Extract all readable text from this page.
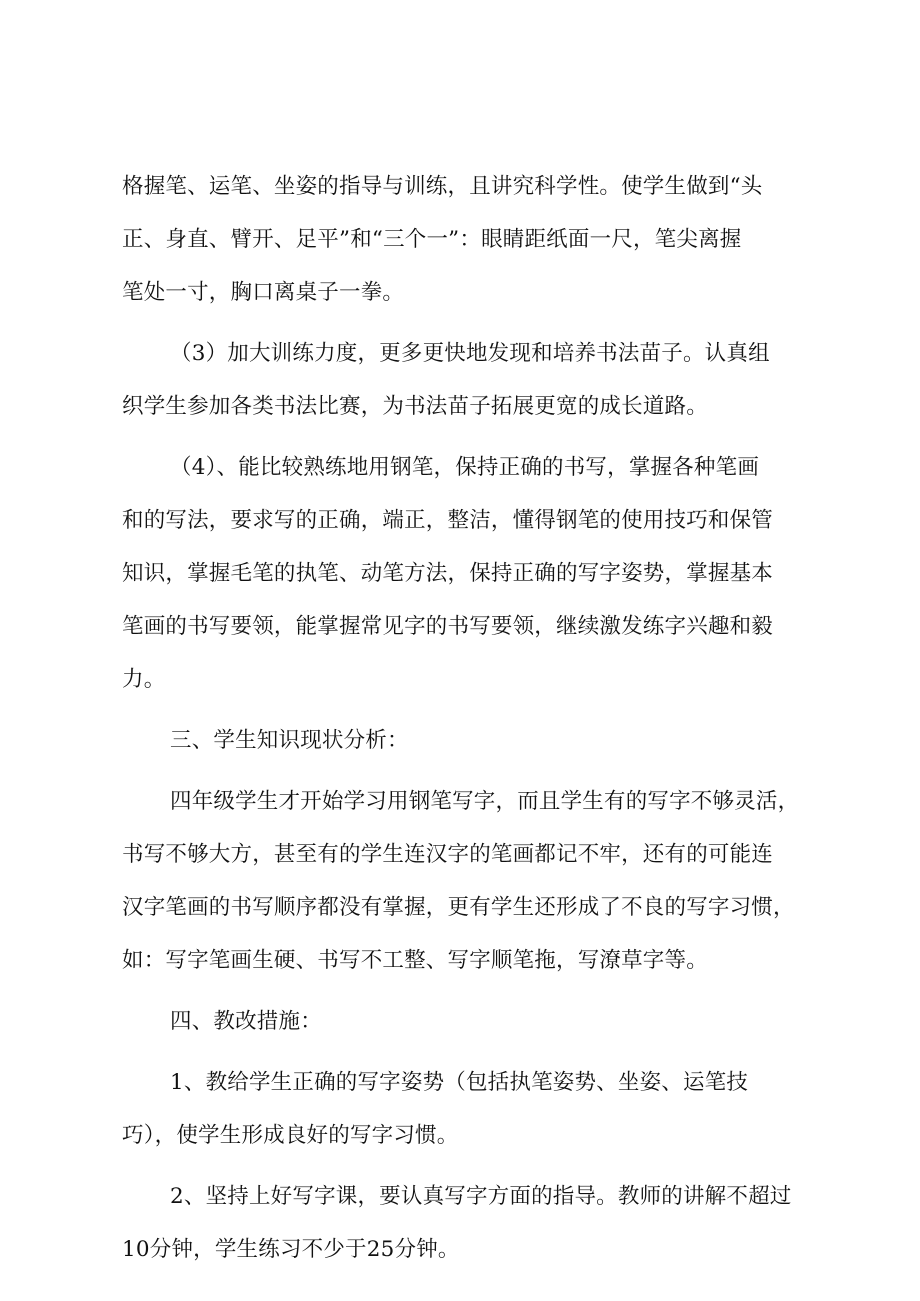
格握笔、运笔、坐姿的指导与训练，且讲究科学性。使学生做到“头
正、身直、臂开、足平”和“三个一”：眼睛距纸面一尺，笔尖离握
笔处一寸，胸口离桌子一拳。
（3）加大训练力度，更多更快地发现和培养书法苗子。认真组
织学生参加各类书法比赛，为书法苗子拓展更宽的成长道路。
（4）、能比较熟练地用钢笔，保持正确的书写，掌握各种笔画
和的写法，要求写的正确，端正，整洁，懂得钢笔的使用技巧和保管
知识，掌握毛笔的执笔、动笔方法，保持正确的写字姿势，掌握基本
笔画的书写要领，能掌握常见字的书写要领，继续激发练字兴趣和毅
力。
三、学生知识现状分析：
四年级学生才开始学习用钢笔写字，而且学生有的写字不够灵活，
书写不够大方，甚至有的学生连汉字的笔画都记不牢，还有的可能连
汉字笔画的书写顺序都没有掌握，更有学生还形成了不良的写字习惯，
如：写字笔画生硬、书写不工整、写字顺笔拖，写潦草字等。
四、教改措施：
1、教给学生正确的写字姿势（包括执笔姿势、坐姿、运笔技
巧），使学生形成良好的写字习惯。
2、坚持上好写字课，要认真写字方面的指导。教师的讲解不超过
10分钟，学生练习不少于25分钟。
